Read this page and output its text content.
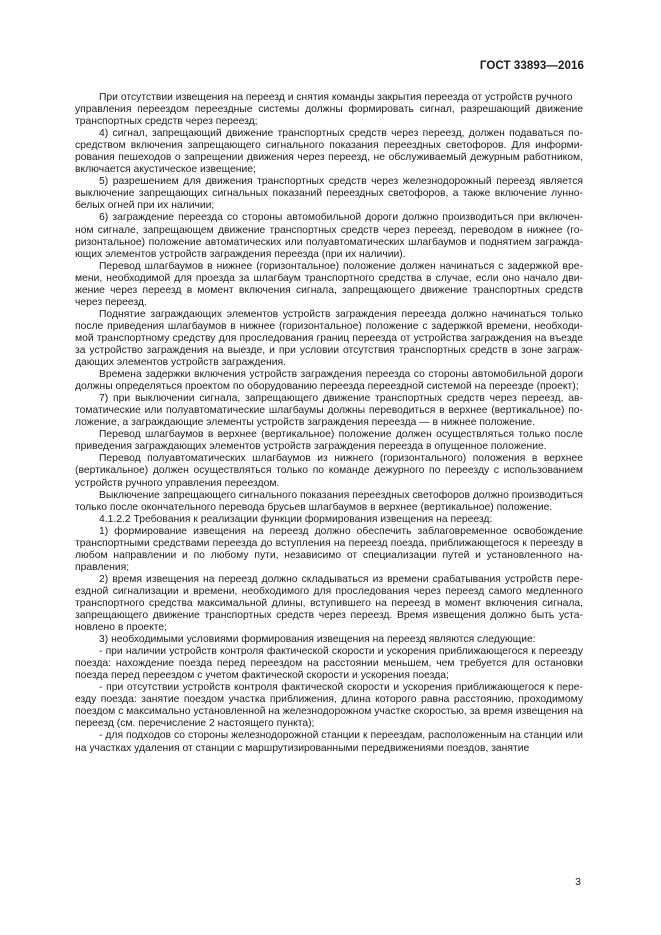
ГОСТ 33893—2016

При отсутствии извещения на переезд и снятия команды закрытия переезда от устройств ручного

управления переездом переездные системы должны формировать сигнал, разрешающий движение транспортных средств через переезд;

4) сигнал, запрещающий движение транспортных средств через переезд, должен подаваться посредством включения запрещающего сигнального показания переездных светофоров. Для информирования пешеходов о запрещении движения через переезд, не обслуживаемый дежурным работником, включается акустическое извещение;

5) разрешением для движения транспортных средств через железнодорожный переезд является выключение запрещающих сигнальных показаний переездных светофоров, а также включение лунно-белых огней при их наличии;

6) заграждение переезда со стороны автомобильной дороги должно производиться при включенном сигнале, запрещающем движение транспортных средств через переезд, переводом в нижнее (горизонтальное) положение автоматических или полуавтоматических шлагбаумов и поднятием заграждающих элементов устройств заграждения переезда (при их наличии).

Перевод шлагбаумов в нижнее (горизонтальное) положение должен начинаться с задержкой времени, необходимой для проезда за шлагбаум транспортного средства в случае, если оно начало движение через переезд в момент включения сигнала, запрещающего движение транспортных средств через переезд.

Поднятие заграждающих элементов устройств заграждения переезда должно начинаться только после приведения шлагбаумов в нижнее (горизонтальное) положение с задержкой времени, необходимой транспортному средству для проследования границ переезда от устройства заграждения на въезде за устройство заграждения на выезде, и при условии отсутствия транспортных средств в зоне заграждающих элементов устройств заграждения.

Времена задержки включения устройств заграждения переезда со стороны автомобильной дороги должны определяться проектом по оборудованию переезда переездной системой на переезде (проект);

7) при выключении сигнала, запрещающего движение транспортных средств через переезд, автоматические или полуавтоматические шлагбаумы должны переводиться в верхнее (вертикальное) положение, а заграждающие элементы устройств заграждения переезда — в нижнее положение.

Перевод шлагбаумов в верхнее (вертикальное) положение должен осуществляться только после приведения заграждающих элементов устройств заграждения переезда в опущенное положение.

Перевод полуавтоматических шлагбаумов из нижнего (горизонтального) положения в верхнее (вертикальное) должен осуществляться только по команде дежурного по переезду с использованием устройств ручного управления переездом.

Выключение запрещающего сигнального показания переездных светофоров должно производиться только после окончательного перевода брусьев шлагбаумов в верхнее (вертикальное) положение.

4.1.2.2 Требования к реализации функции формирования извещения на переезд:

1) формирование извещения на переезд должно обеспечить заблаговременное освобождение транспортными средствами переезда до вступления на переезд поезда, приближающегося к переезду в любом направлении и по любому пути, независимо от специализации путей и установленного направления;

2) время извещения на переезд должно складываться из времени срабатывания устройств переездной сигнализации и времени, необходимого для проследования через переезд самого медленного транспортного средства максимальной длины, вступившего на переезд в момент включения сигнала, запрещающего движение транспортных средств через переезд. Время извещения должно быть установлено в проекте;

3) необходимыми условиями формирования извещения на переезд являются следующие:

- при наличии устройств контроля фактической скорости и ускорения приближающегося к переезду поезда: нахождение поезда перед переездом на расстоянии меньшем, чем требуется для остановки поезда перед переездом с учетом фактической скорости и ускорения поезда;

- при отсутствии устройств контроля фактической скорости и ускорения приближающегося к переезду поезда: занятие поездом участка приближения, длина которого равна расстоянию, проходимому поездом с максимально установленной на железнодорожном участке скоростью, за время извещения на переезд (см. перечисление 2 настоящего пункта);

- для подходов со стороны железнодорожной станции к переездам, расположенным на станции или на участках удаления от станции с маршрутизированными передвижениями поездов, занятие

3
